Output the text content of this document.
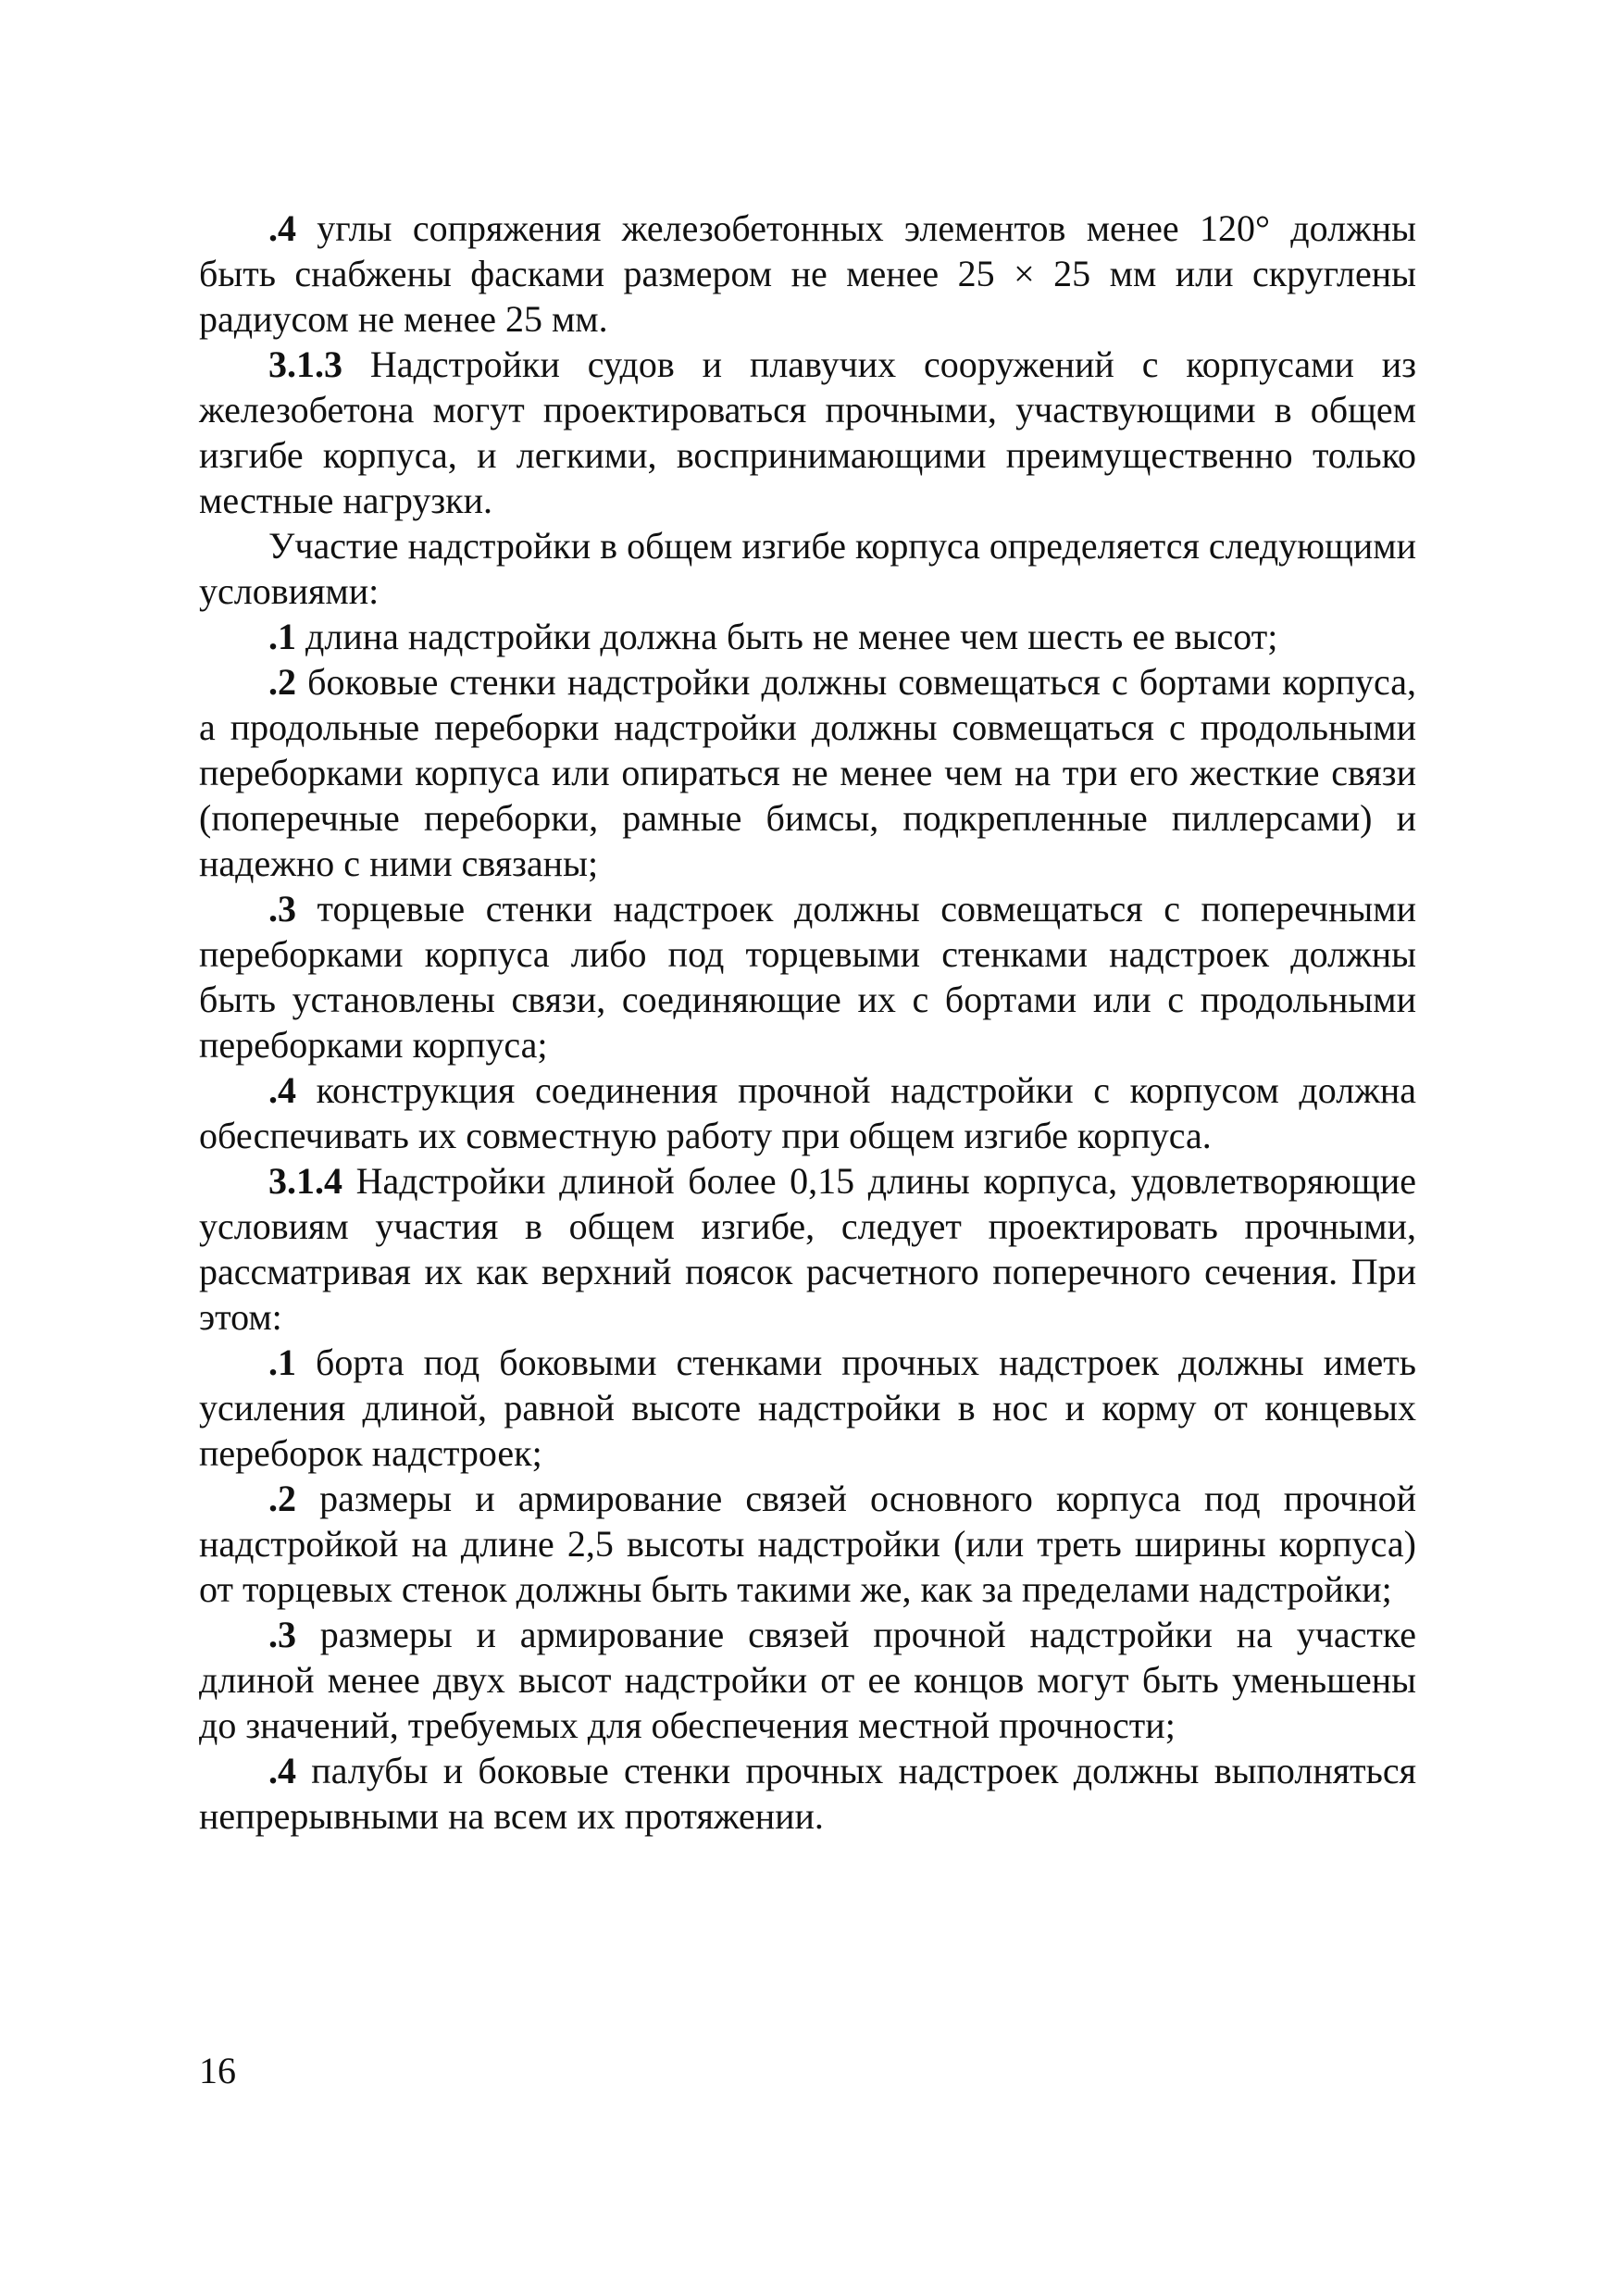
.4 углы сопряжения железобетонных элементов менее 120° должны быть снабжены фасками размером не менее 25 × 25 мм или скруглены радиусом не менее 25 мм.

3.1.3 Надстройки судов и плавучих сооружений с корпусами из железобетона могут проектироваться прочными, участвующими в общем изгибе корпуса, и легкими, воспринимающими преимущественно только местные нагрузки.

Участие надстройки в общем изгибе корпуса определяется следующими условиями:

.1 длина надстройки должна быть не менее чем шесть ее высот;

.2 боковые стенки надстройки должны совмещаться с бортами корпуса, а продольные переборки надстройки должны совмещаться с продольными переборками корпуса или опираться не менее чем на три его жесткие связи (поперечные переборки, рамные бимсы, подкрепленные пиллерсами) и надежно с ними связаны;

.3 торцевые стенки надстроек должны совмещаться с поперечными переборками корпуса либо под торцевыми стенками надстроек должны быть установлены связи, соединяющие их с бортами или с продольными переборками корпуса;

.4 конструкция соединения прочной надстройки с корпусом должна обеспечивать их совместную работу при общем изгибе корпуса.

3.1.4 Надстройки длиной более 0,15 длины корпуса, удовлетворяющие условиям участия в общем изгибе, следует проектировать прочными, рассматривая их как верхний поясок расчетного поперечного сечения. При этом:

.1 борта под боковыми стенками прочных надстроек должны иметь усиления длиной, равной высоте надстройки в нос и корму от концевых переборок надстроек;

.2 размеры и армирование связей основного корпуса под прочной надстройкой на длине 2,5 высоты надстройки (или треть ширины корпуса) от торцевых стенок должны быть такими же, как за пределами надстройки;

.3 размеры и армирование связей прочной надстройки на участке длиной менее двух высот надстройки от ее концов могут быть уменьшены до значений, требуемых для обеспечения местной прочности;

.4 палубы и боковые стенки прочных надстроек должны выполняться непрерывными на всем их протяжении.

16
